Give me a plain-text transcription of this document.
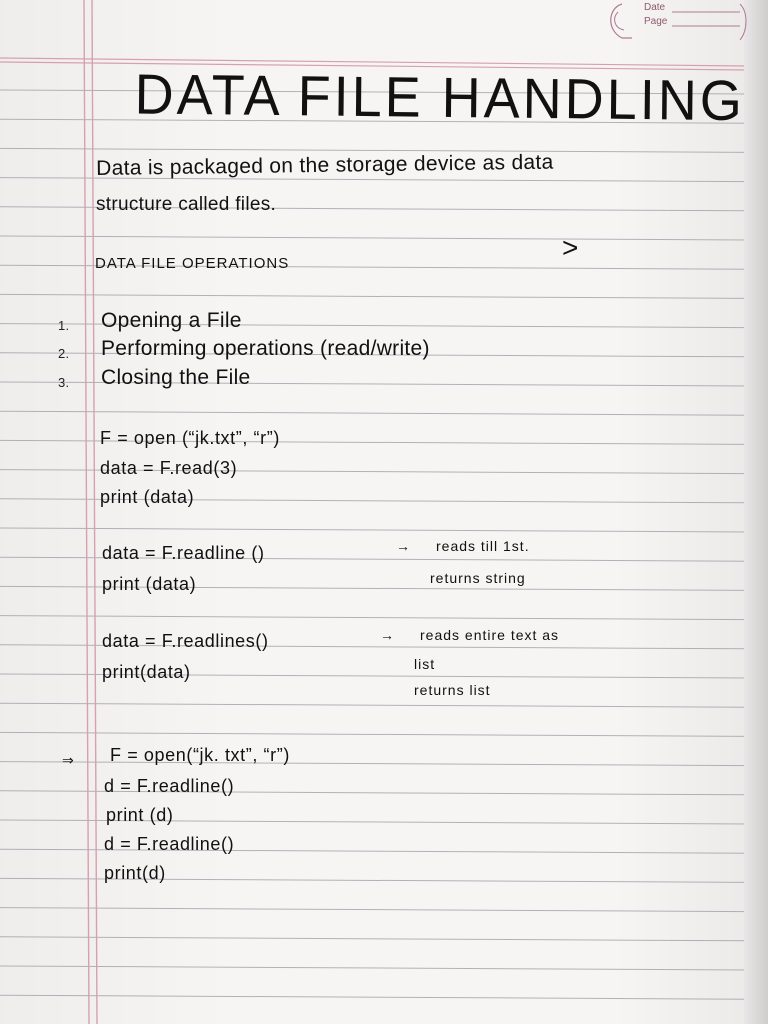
Date
Page
DATA FILE HANDLING
Data is packaged on the storage device as data
structure called files.
DATA FILE OPERATIONS
>
1. Opening a File
2. Performing operations (read/write)
3. Closing the File
F = open (“jk.txt”, “r”)
data = F.read(3)
print (data)
data = F.readline ()
print (data)
→ reads till 1st.
returns string
data = F.readlines()
print(data)
→ reads entire text as
list
returns list
⇒ F = open(“jk. txt”, “r”)
d = F.readline()
print (d)
d = F.readline()
print(d)
